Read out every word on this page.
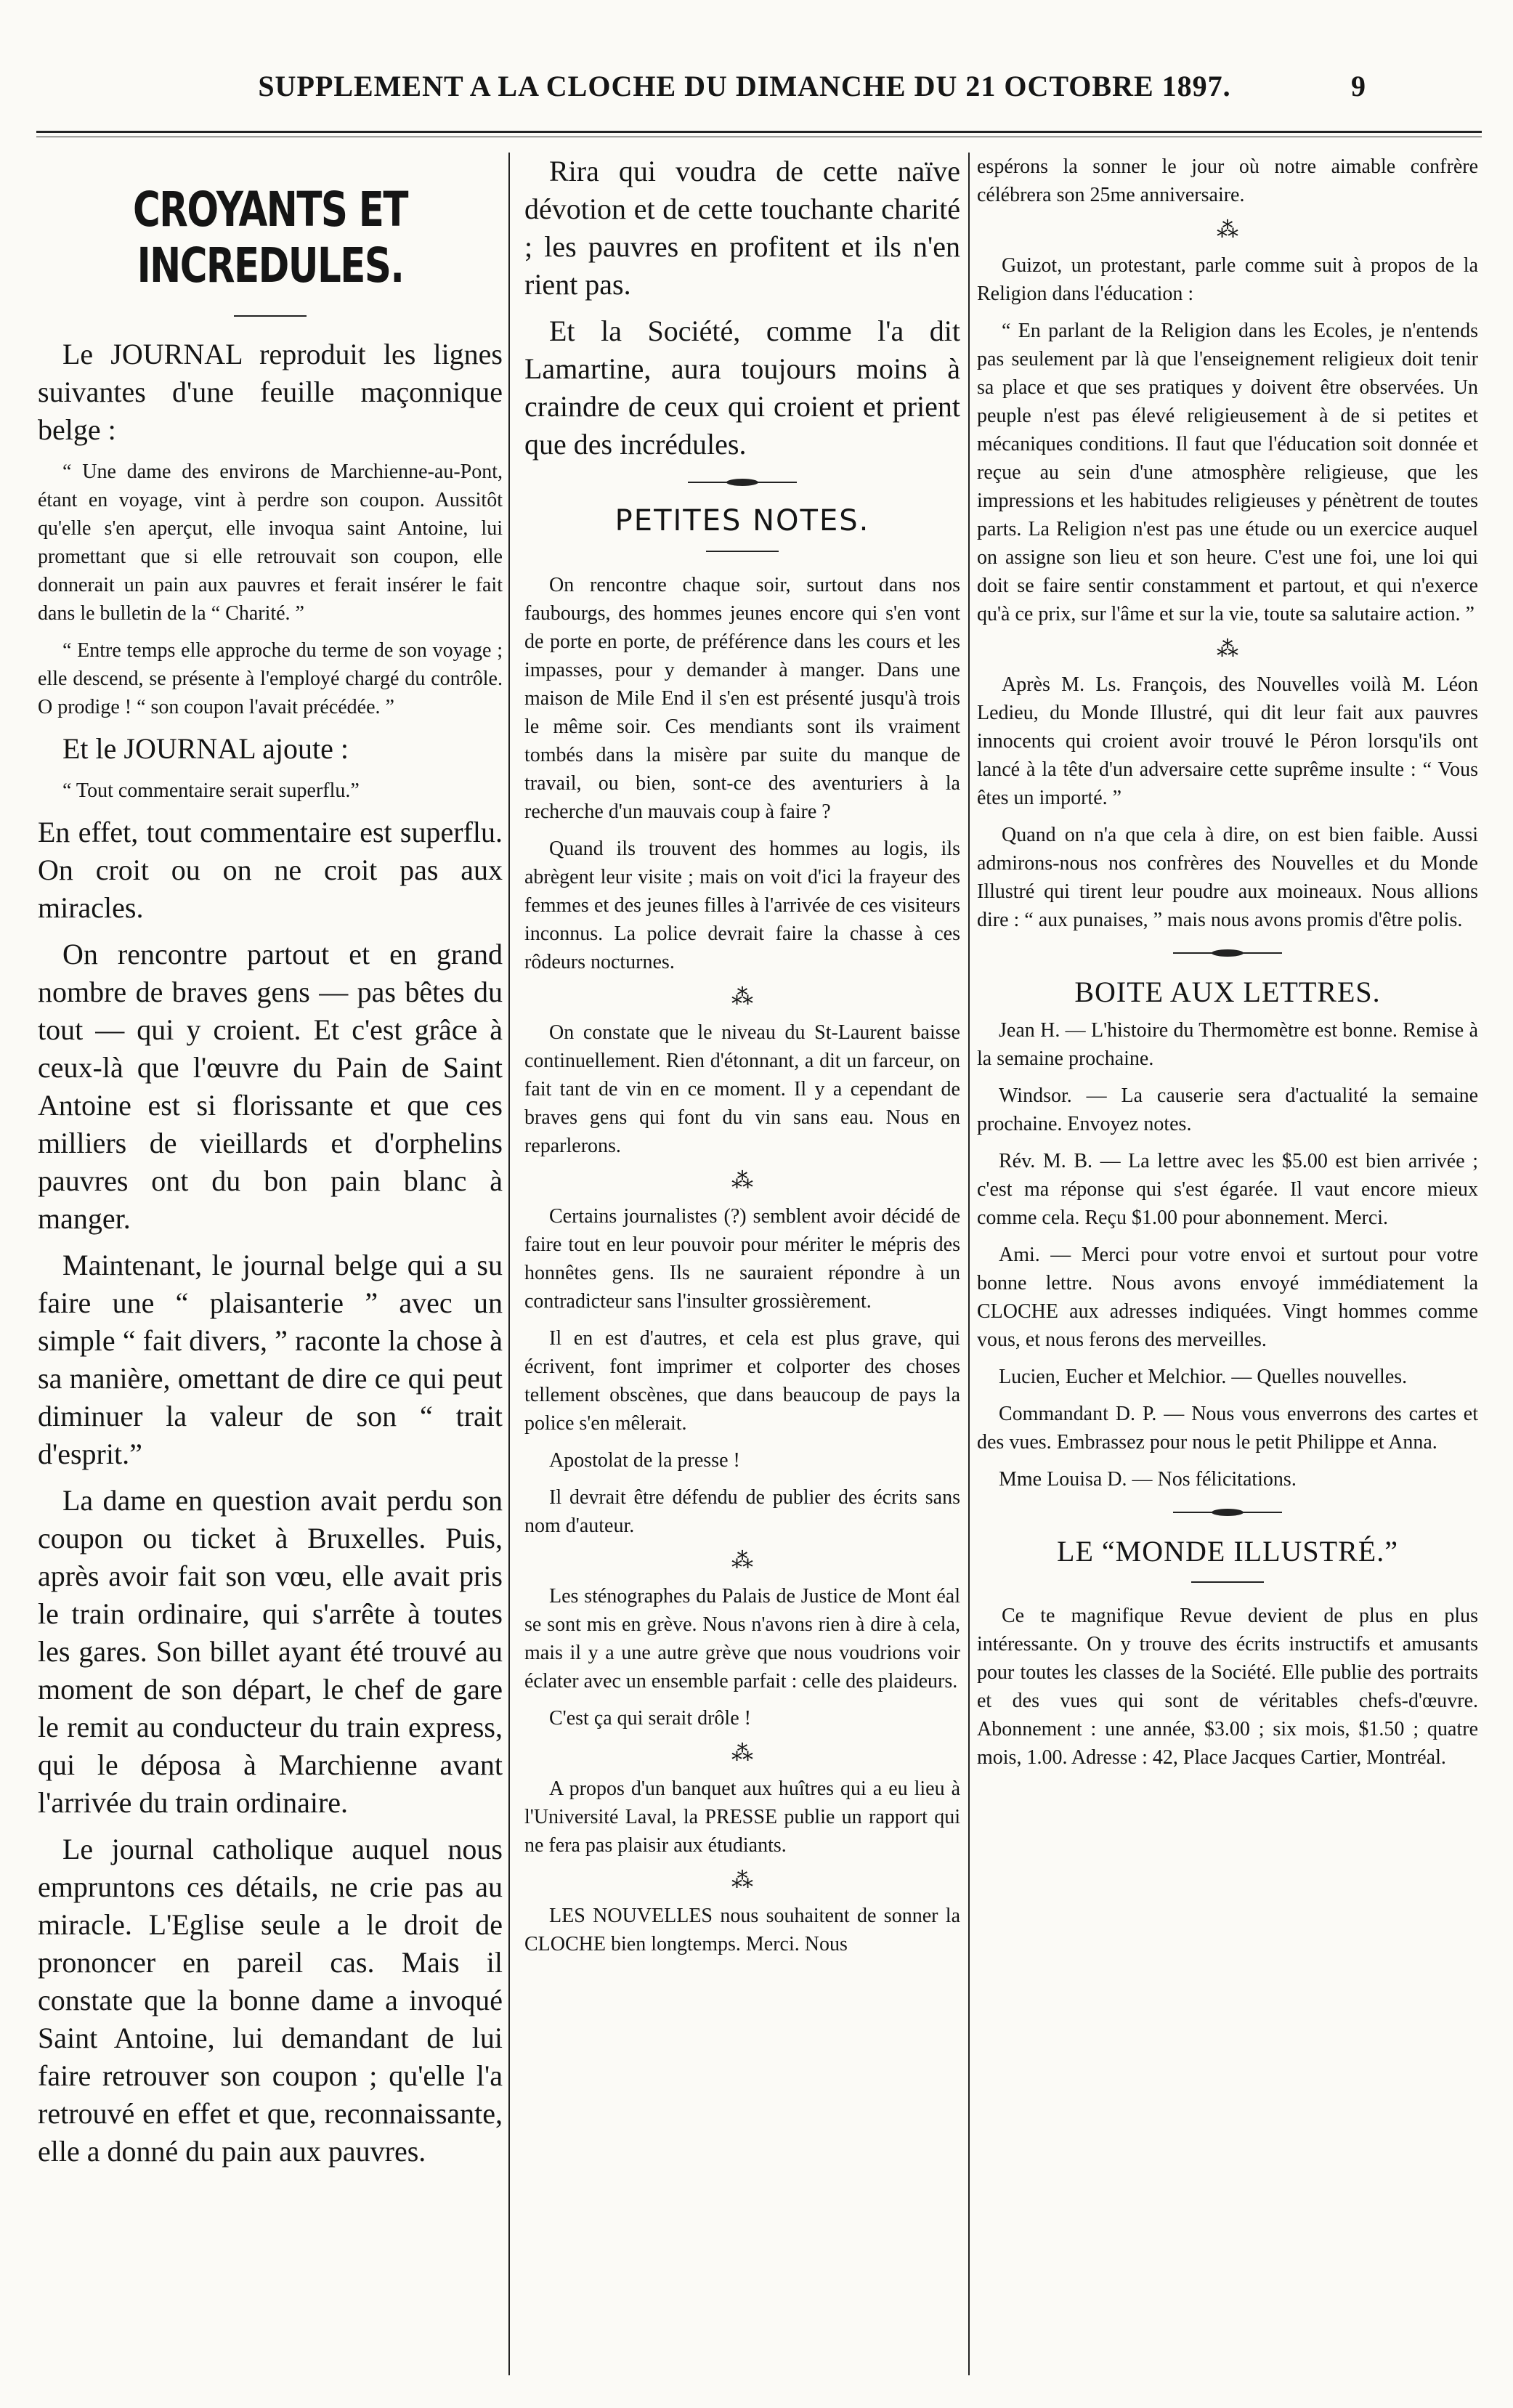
SUPPLEMENT A LA CLOCHE DU DIMANCHE DU 21 OCTOBRE 1897.	9
CROYANTS ET INCREDULES.

Le JOURNAL reproduit les lignes suivantes d'une feuille maçonnique belge :

“ Une dame des environs de Marchienne-au-Pont, étant en voyage, vint à perdre son coupon. Aussitôt qu'elle s'en aperçut, elle invoqua saint Antoine, lui promettant que si elle retrouvait son coupon, elle donnerait un pain aux pauvres et ferait insérer le fait dans le bulletin de la “ Charité. ”

“ Entre temps elle approche du terme de son voyage ; elle descend, se présente à l'employé chargé du contrôle. O prodige ! “ son coupon l'avait précédée. ”

Et le JOURNAL ajoute :

“ Tout commentaire serait superflu.”

En effet, tout commentaire est superflu. On croit ou on ne croit pas aux miracles.

On rencontre partout et en grand nombre de braves gens — pas bêtes du tout — qui y croient. Et c'est grâce à ceux-là que l'œuvre du Pain de Saint Antoine est si florissante et que ces milliers de vieillards et d'orphelins pauvres ont du bon pain blanc à manger.

Maintenant, le journal belge qui a su faire une “ plaisanterie ” avec un simple “ fait divers, ” raconte la chose à sa manière, omettant de dire ce qui peut diminuer la valeur de son “ trait d'esprit.”

La dame en question avait perdu son coupon ou ticket à Bruxelles. Puis, après avoir fait son vœu, elle avait pris le train ordinaire, qui s'arrête à toutes les gares. Son billet ayant été trouvé au moment de son départ, le chef de gare le remit au conducteur du train express, qui le déposa à Marchienne avant l'arrivée du train ordinaire.

Le journal catholique auquel nous empruntons ces détails, ne crie pas au miracle. L'Eglise seule a le droit de prononcer en pareil cas. Mais il constate que la bonne dame a invoqué Saint Antoine, lui demandant de lui faire retrouver son coupon ; qu'elle l'a retrouvé en effet et que, reconnaissante, elle a donné du pain aux pauvres.

Rira qui voudra de cette naïve dévotion et de cette touchante charité ; les pauvres en profitent et ils n'en rient pas.

Et la Société, comme l'a dit Lamartine, aura toujours moins à craindre de ceux qui croient et prient que des incrédules.

PETITES NOTES.

On rencontre chaque soir, surtout dans nos faubourgs, des hommes jeunes encore qui s'en vont de porte en porte, de préférence dans les cours et les impasses, pour y demander à manger. Dans une maison de Mile End il s'en est présenté jusqu'à trois le même soir. Ces mendiants sont ils vraiment tombés dans la misère par suite du manque de travail, ou bien, sont-ce des aventuriers à la recherche d'un mauvais coup à faire ?

Quand ils trouvent des hommes au logis, ils abrègent leur visite ; mais on voit d'ici la frayeur des femmes et des jeunes filles à l'arrivée de ces visiteurs inconnus. La police devrait faire la chasse à ces rôdeurs nocturnes.

⁂

On constate que le niveau du St-Laurent baisse continuellement. Rien d'étonnant, a dit un farceur, on fait tant de vin en ce moment. Il y a cependant de braves gens qui font du vin sans eau. Nous en reparlerons.

⁂

Certains journalistes (?) semblent avoir décidé de faire tout en leur pouvoir pour mériter le mépris des honnêtes gens. Ils ne sauraient répondre à un contradicteur sans l'insulter grossièrement.

Il en est d'autres, et cela est plus grave, qui écrivent, font imprimer et colporter des choses tellement obscènes, que dans beaucoup de pays la police s'en mêlerait.

Apostolat de la presse !

Il devrait être défendu de publier des écrits sans nom d'auteur.

⁂

Les sténographes du Palais de Justice de Mont éal se sont mis en grève. Nous n'avons rien à dire à cela, mais il y a une autre grève que nous voudrions voir éclater avec un ensemble parfait : celle des plaideurs.

C'est ça qui serait drôle !

⁂

A propos d'un banquet aux huîtres qui a eu lieu à l'Université Laval, la PRESSE publie un rapport qui ne fera pas plaisir aux étudiants.

⁂

LES NOUVELLES nous souhaitent de sonner la CLOCHE bien longtemps. Merci. Nous

espérons la sonner le jour où notre aimable confrère célébrera son 25me anniversaire.

⁂

Guizot, un protestant, parle comme suit à propos de la Religion dans l'éducation :

“ En parlant de la Religion dans les Ecoles, je n'entends pas seulement par là que l'enseignement religieux doit tenir sa place et que ses pratiques y doivent être observées. Un peuple n'est pas élevé religieusement à de si petites et mécaniques conditions. Il faut que l'éducation soit donnée et reçue au sein d'une atmosphère religieuse, que les impressions et les habitudes religieuses y pénètrent de toutes parts. La Religion n'est pas une étude ou un exercice auquel on assigne son lieu et son heure. C'est une foi, une loi qui doit se faire sentir constamment et partout, et qui n'exerce qu'à ce prix, sur l'âme et sur la vie, toute sa salutaire action. ”

⁂

Après M. Ls. François, des Nouvelles voilà M. Léon Ledieu, du Monde Illustré, qui dit leur fait aux pauvres innocents qui croient avoir trouvé le Péron lorsqu'ils ont lancé à la tête d'un adversaire cette suprême insulte : “ Vous êtes un importé. ”

Quand on n'a que cela à dire, on est bien faible. Aussi admirons-nous nos confrères des Nouvelles et du Monde Illustré qui tirent leur poudre aux moineaux. Nous allions dire : “ aux punaises, ” mais nous avons promis d'être polis.

BOITE AUX LETTRES.

Jean H. — L'histoire du Thermomètre est bonne. Remise à la semaine prochaine.

Windsor. — La causerie sera d'actualité la semaine prochaine. Envoyez notes.

Rév. M. B. — La lettre avec les $5.00 est bien arrivée ; c'est ma réponse qui s'est égarée. Il vaut encore mieux comme cela. Reçu $1.00 pour abonnement. Merci.

Ami. — Merci pour votre envoi et surtout pour votre bonne lettre. Nous avons envoyé immédiatement la CLOCHE aux adresses indiquées. Vingt hommes comme vous, et nous ferons des merveilles.

Lucien, Eucher et Melchior. — Quelles nouvelles.

Commandant D. P. — Nous vous enverrons des cartes et des vues. Embrassez pour nous le petit Philippe et Anna.

Mme Louisa D. — Nos félicitations.

LE “MONDE ILLUSTRÉ.”

Ce te magnifique Revue devient de plus en plus intéressante. On y trouve des écrits instructifs et amusants pour toutes les classes de la Société. Elle publie des portraits et des vues qui sont de véritables chefs-d'œuvre. Abonnement : une année, $3.00 ; six mois, $1.50 ; quatre mois, 1.00. Adresse : 42, Place Jacques Cartier, Montréal.
